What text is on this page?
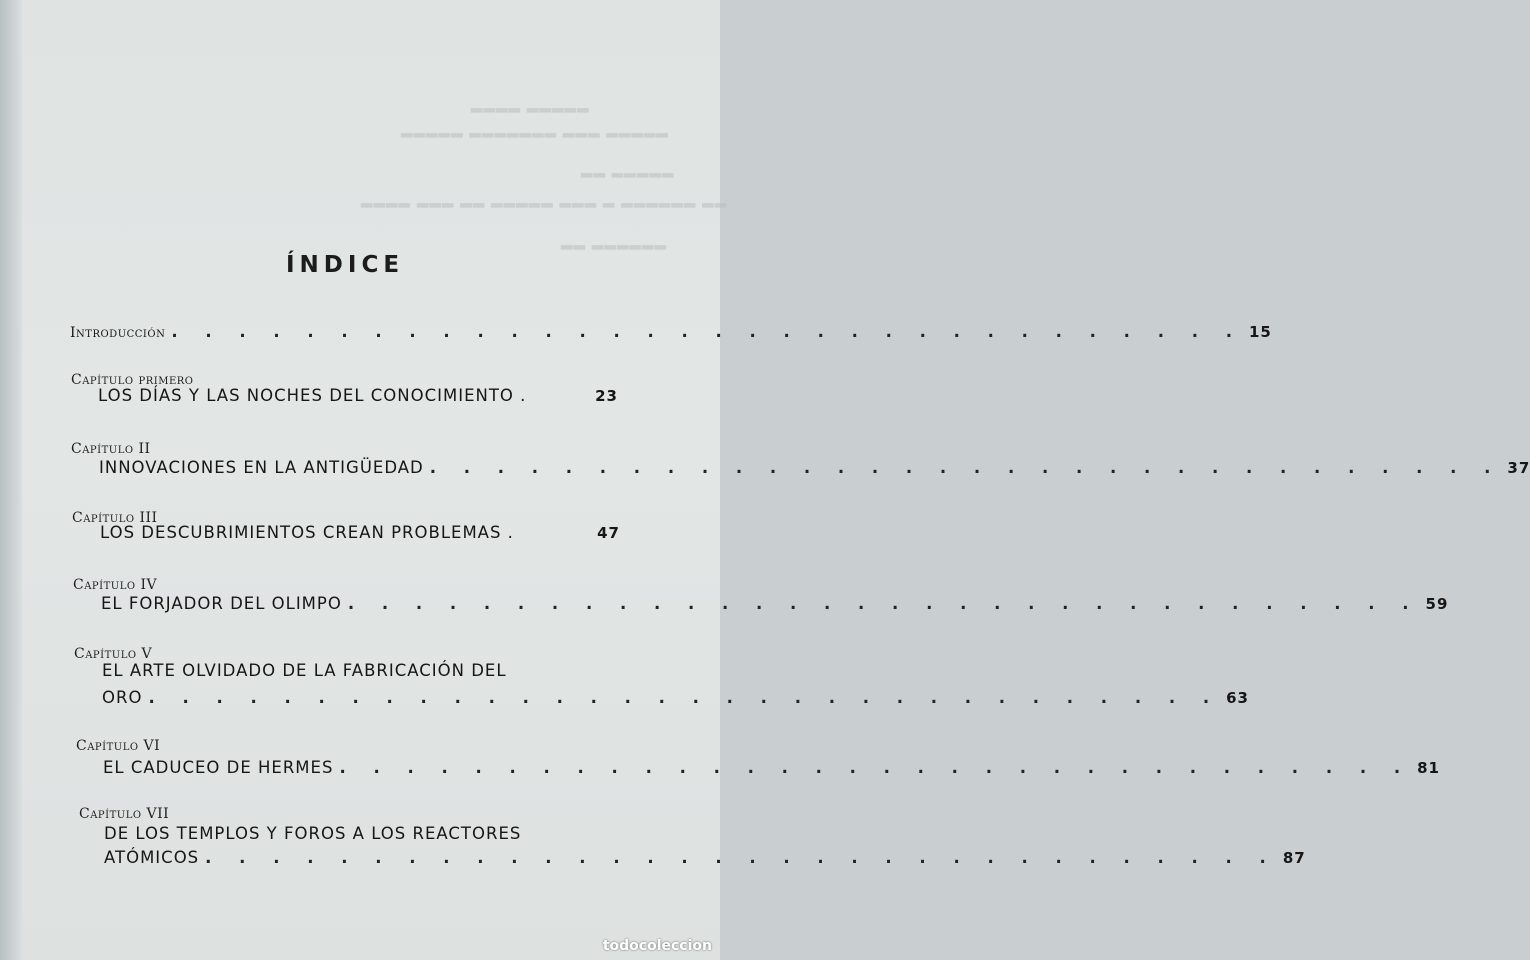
▂▂▂▂▂ ▂▂▂▂
▂▂▂▂▂ ▂▂▂ ▂▂▂▂▂▂▂ ▂▂▂▂▂
▂▂▂▂▂ ▂▂
▂▂ ▂▂▂▂▂▂ ▂ ▂▂▂ ▂▂▂▂▂ ▂▂ ▂▂▂ ▂▂▂▂
▂▂▂▂▂▂ ▂▂
ÍNDICE
Introducción . . . . . . . . . . . . . . . . . . . . . . . . . . . . . . . . 15
Capítulo primero
LOS DÍAS Y LAS NOCHES DEL CONOCIMIENTO .	23
Capítulo II
INNOVACIONES EN LA ANTIGÜEDAD . . . . . . . . . . . . . . . . . . . . . . . . . . . . . . . . 37
Capítulo III
LOS DESCUBRIMIENTOS CREAN PROBLEMAS .	47
Capítulo IV
EL FORJADOR DEL OLIMPO . . . . . . . . . . . . . . . . . . . . . . . . . . . . . . . . 59
Capítulo V
EL ARTE OLVIDADO DE LA FABRICACIÓN DEL
ORO . . . . . . . . . . . . . . . . . . . . . . . . . . . . . . . . 63
Capítulo VI
EL CADUCEO DE HERMES . . . . . . . . . . . . . . . . . . . . . . . . . . . . . . . . 81
Capítulo VII
DE LOS TEMPLOS Y FOROS A LOS REACTORES
ATÓMICOS . . . . . . . . . . . . . . . . . . . . . . . . . . . . . . . . 87
todocoleccion
